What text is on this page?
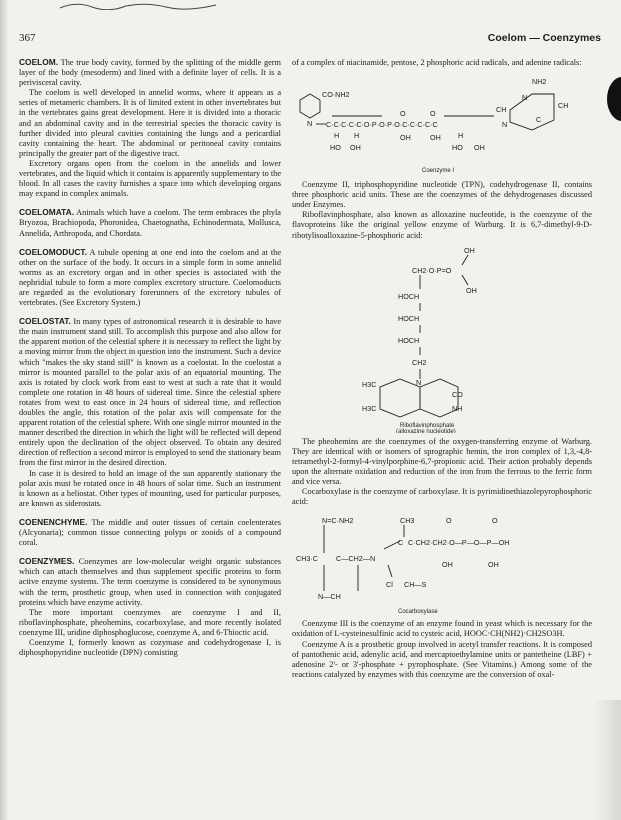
367	Coelom — Coenzymes

COELOM. The true body cavity, formed by the splitting of the middle germ layer of the body (mesoderm) and lined with a definite layer of cells. It is a perivisceral cavity.

The coelom is well developed in annelid worms, where it appears as a series of metameric chambers. It is of limited extent in other invertebrates but in the vertebrates gains great development. Here it is divided into a thoracic and an abdominal cavity and in the terrestrial species the thoracic cavity is further divided into pleural cavities containing the lungs and a pericardial cavity containing the heart. The abdominal or peritoneal cavity contains principally the greater part of the digestive tract.

Excretory organs open from the coelom in the annelids and lower vertebrates, and the liquid which it contains is apparently supplementary to the blood. In all cases the cavity furnishes a space into which developing organs may expand in complex animals.

COELOMATA. Animals which have a coelom. The term embraces the phyla Bryozoa, Brachiopoda, Phoronidea, Chaetognatha, Echinodermata, Mollusca, Annelida, Arthropoda, and Chordata.

COELOMODUCT. A tubule opening at one end into the coelom and at the other on the surface of the body. It occurs in a simple form in some annelid worms as an excretory organ and in other species is associated with the nephridial tubule to form a more complex excretory structure. Coelomoducts are regarded as the evolutionary forerunners of the excretory tubules of vertebrates. (See Excretory System.)

COELOSTAT. In many types of astronomical research it is desirable to have the main instrument stand still. To accomplish this purpose and also allow for the apparent motion of the celestial sphere it is necessary to reflect the light by a moving mirror from the object in question into the instrument. Such a device which "makes the sky stand still" is known as a coelostat. In the coelostat a mirror is mounted parallel to the polar axis of an equatorial mounting. The axis is rotated by clock work from east to west at such a rate that it would complete one rotation in 48 hours of sidereal time. Since the celestial sphere rotates from west to east once in 24 hours of sidereal time, and reflection doubles the angle, this rotation of the polar axis will compensate for the apparent rotation of the celestial sphere. With one single mirror mounted in the manner described the direction in which the light will be reflected will depend entirely upon the declination of the object observed. To obtain any desired direction of reflection a second mirror is employed to send the stationary beam from the first mirror in the desired direction.

In case it is desired to hold an image of the sun apparently stationary the polar axis must be rotated once in 48 hours of solar time. Such an instrument is known as a heliostat. Other types of mounting, used for particular purposes, are known as siderostats.

COENENCHYME. The middle and outer tissues of certain coelenterates (Alcyonaria); common tissue connecting polyps or zooids of a compound coral.

COENZYMES. Coenzymes are low-molecular weight organic substances which can attach themselves and thus supplement specific proteins to form active enzyme systems. The term coenzyme is considered to be synonymous with the term, prosthetic group, when used in connection with conjugated proteins which have enzyme activity.

The more important coenzymes are coenzyme I and II, riboflavinphosphate, pheohemins, cocarboxylase, and more recently isolated coenzyme III, uridine diphosphoglucose, coenzyme A, and 6-Thioctic acid.

Coenzyme I, formerly known as cozymase and codehydrogenase I, is diphosphopyridine nucleotide (DPN) consisting

of a complex of niacinamide, pentose, 2 phosphoric acid radicals, and adenine radicals:

CO·NH2
N C·C·C·C·C·O·P·O·P·O·C·C·C·C·C
H H
HO OH
O
OH
O
OH H
HO OH
N
CH
NH2
C
CH
N
Coenzyme I

Coenzyme II, triphosphopyridine nucleotide (TPN), codehydrogenase II, contains three phosphoric acid units. These are the coenzymes of the dehydrogenases discussed under Enzymes.

Riboflavinphosphate, also known as alloxazine nucleotide, is the coenzyme of the flavoproteins like the original yellow enzyme of Warburg. It is 6,7-dimethyl-9-D-ribotylisoalloxazine-5-phosphoric acid:

OH
CH2·O·P=O
OH
HOCH
HOCH
HOCH
CH2
N
CO
NH
H3C
H3C
Riboflavinphosphate
(alloxazine nucleotide)

The pheohemins are the coenzymes of the oxygen-transferring enzyme of Warburg. They are identical with or isomers of sprographic hemin, the iron complex of 1,3,-4,8-tetramethyl-2-formyl-4-vinylporphine-6,7-propionic acid. Their action probably depends upon the alternate oxidation and reduction of the iron from the ferrous to the ferric form and vice versa.

Cocarboxylase is the coenzyme of carboxylase. It is pyrimidinethiazolepyrophosphoric acid:

N=C·NH2	CH3	O	O
C C·CH2·CH2·O—P—O—P—OH
CH3·C	C—CH2—N
Cl CH—S
OH	OH
N—CH
Cocarboxylase

Coenzyme III is the coenzyme of an enzyme found in yeast which is necessary for the oxidation of L-cysteinesulfinic acid to cysteic acid, HOOC·CH(NH2)·CH2SO3H.

Coenzyme A is a prosthetic group involved in acetyl transfer reactions. It is composed of pantothenic acid, adenylic acid, and mercaptoethylamine units or pantetheine (LBF) + adenosine 2'- or 3'-phosphate + pyrophosphate. (See Vitamins.) Among some of the reactions catalyzed by enzymes with this coenzyme are the conversion of oxal-
